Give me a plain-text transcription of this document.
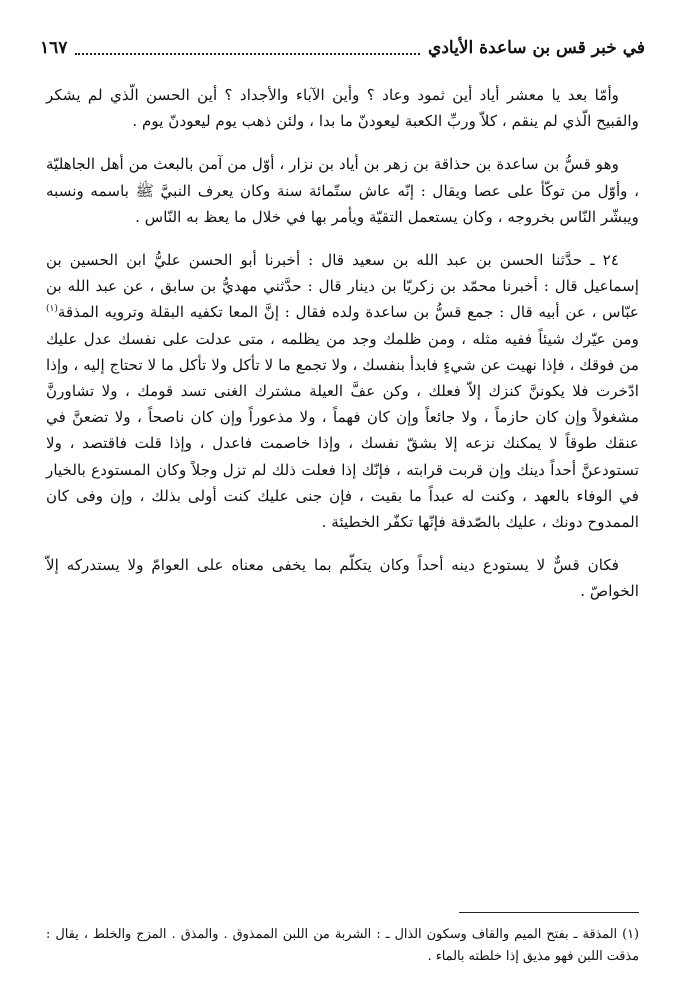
في خبر قس بن ساعدة الأيادي
١٦٧

وأمّا بعد يا معشر أياد أين ثمود وعاد ؟ وأين الآباء والأجداد ؟ أين الحسن الّذي لم يشكر والقبيح الّذي لم ينقم ، كلاّ وربِّ الكعبة ليعودنّ ما بدا ، ولئن ذهب يوم ليعودنّ يوم .

وهو قسُّ بن ساعدة بن حذاقة بن زهر بن أياد بن نزار ، أوّل من آمن بالبعث من أهل الجاهليّة ، وأوّل من توكّأ على عصا ويقال : إنّه عاش ستّمائة سنة وكان يعرف النبيَّ ﷺ باسمه ونسبه ويبشّر النّاس بخروجه ، وكان يستعمل التقيّة ويأمر بها في خلال ما يعظ به النّاس .

٢٤ ـ حدَّثنا الحسن بن عبد الله بن سعيد قال : أخبرنا أبو الحسن عليُّ ابن الحسين بن إسماعيل قال : أخبرنا محمّد بن زكريّا بن دينار قال : حدَّثني مهديُّ بن سابق ، عن عبد الله بن عبّاس ، عن أبيه قال : جمع قسُّ بن ساعدة ولده فقال : إنَّ المعا تكفيه البقلة وترويه المذقة$^{(١)}$ ومن عيّرك شيئاً ففيه مثله ، ومن ظلمك وجد من يظلمه ، متى عدلت على نفسك عدل عليك من فوقك ، فإذا نهيت عن شيءٍ فابدأ بنفسك ، ولا تجمع ما لا تأكل ولا تأكل ما لا تحتاج إليه ، وإذا ادّخرت فلا يكوننَّ كنزك إلاّ فعلك ، وكن عفَّ العيلة مشترك الغنى تسد قومك ، ولا تشاورنَّ مشغولاً وإن كان حازماً ، ولا جائعاً وإن كان فهماً ، ولا مذعوراً وإن كان ناصحاً ، ولا تضعنَّ في عنقك طوقاً لا يمكنك نزعه إلا بشقّ نفسك ، وإذا خاصمت فاعدل ، وإذا قلت فاقتصد ، ولا تستودعنَّ أحداً دينك وإن قربت قرابته ، فإنّك إذا فعلت ذلك لم تزل وجلاً وكان المستودع بالخيار في الوفاء بالعهد ، وكنت له عبداً ما بقيت ، فإن جنى عليك كنت أولى بذلك ، وإن وفى كان الممدوح دونك ، عليك بالصّدقة فإنّها تكفّر الخطيئة .

فكان قسٌّ لا يستودع دينه أحداً وكان يتكلّم بما يخفى معناه على العوامّ ولا يستدركه إلاّ الخواصّ .

(١) المذقة ـ بفتح الميم والقاف وسكون الذال ـ : الشربة من اللبن الممذوق . والمذق . المزج والخلط ، يقال : مذقت اللبن فهو مذيق إذا خلطته بالماء .
